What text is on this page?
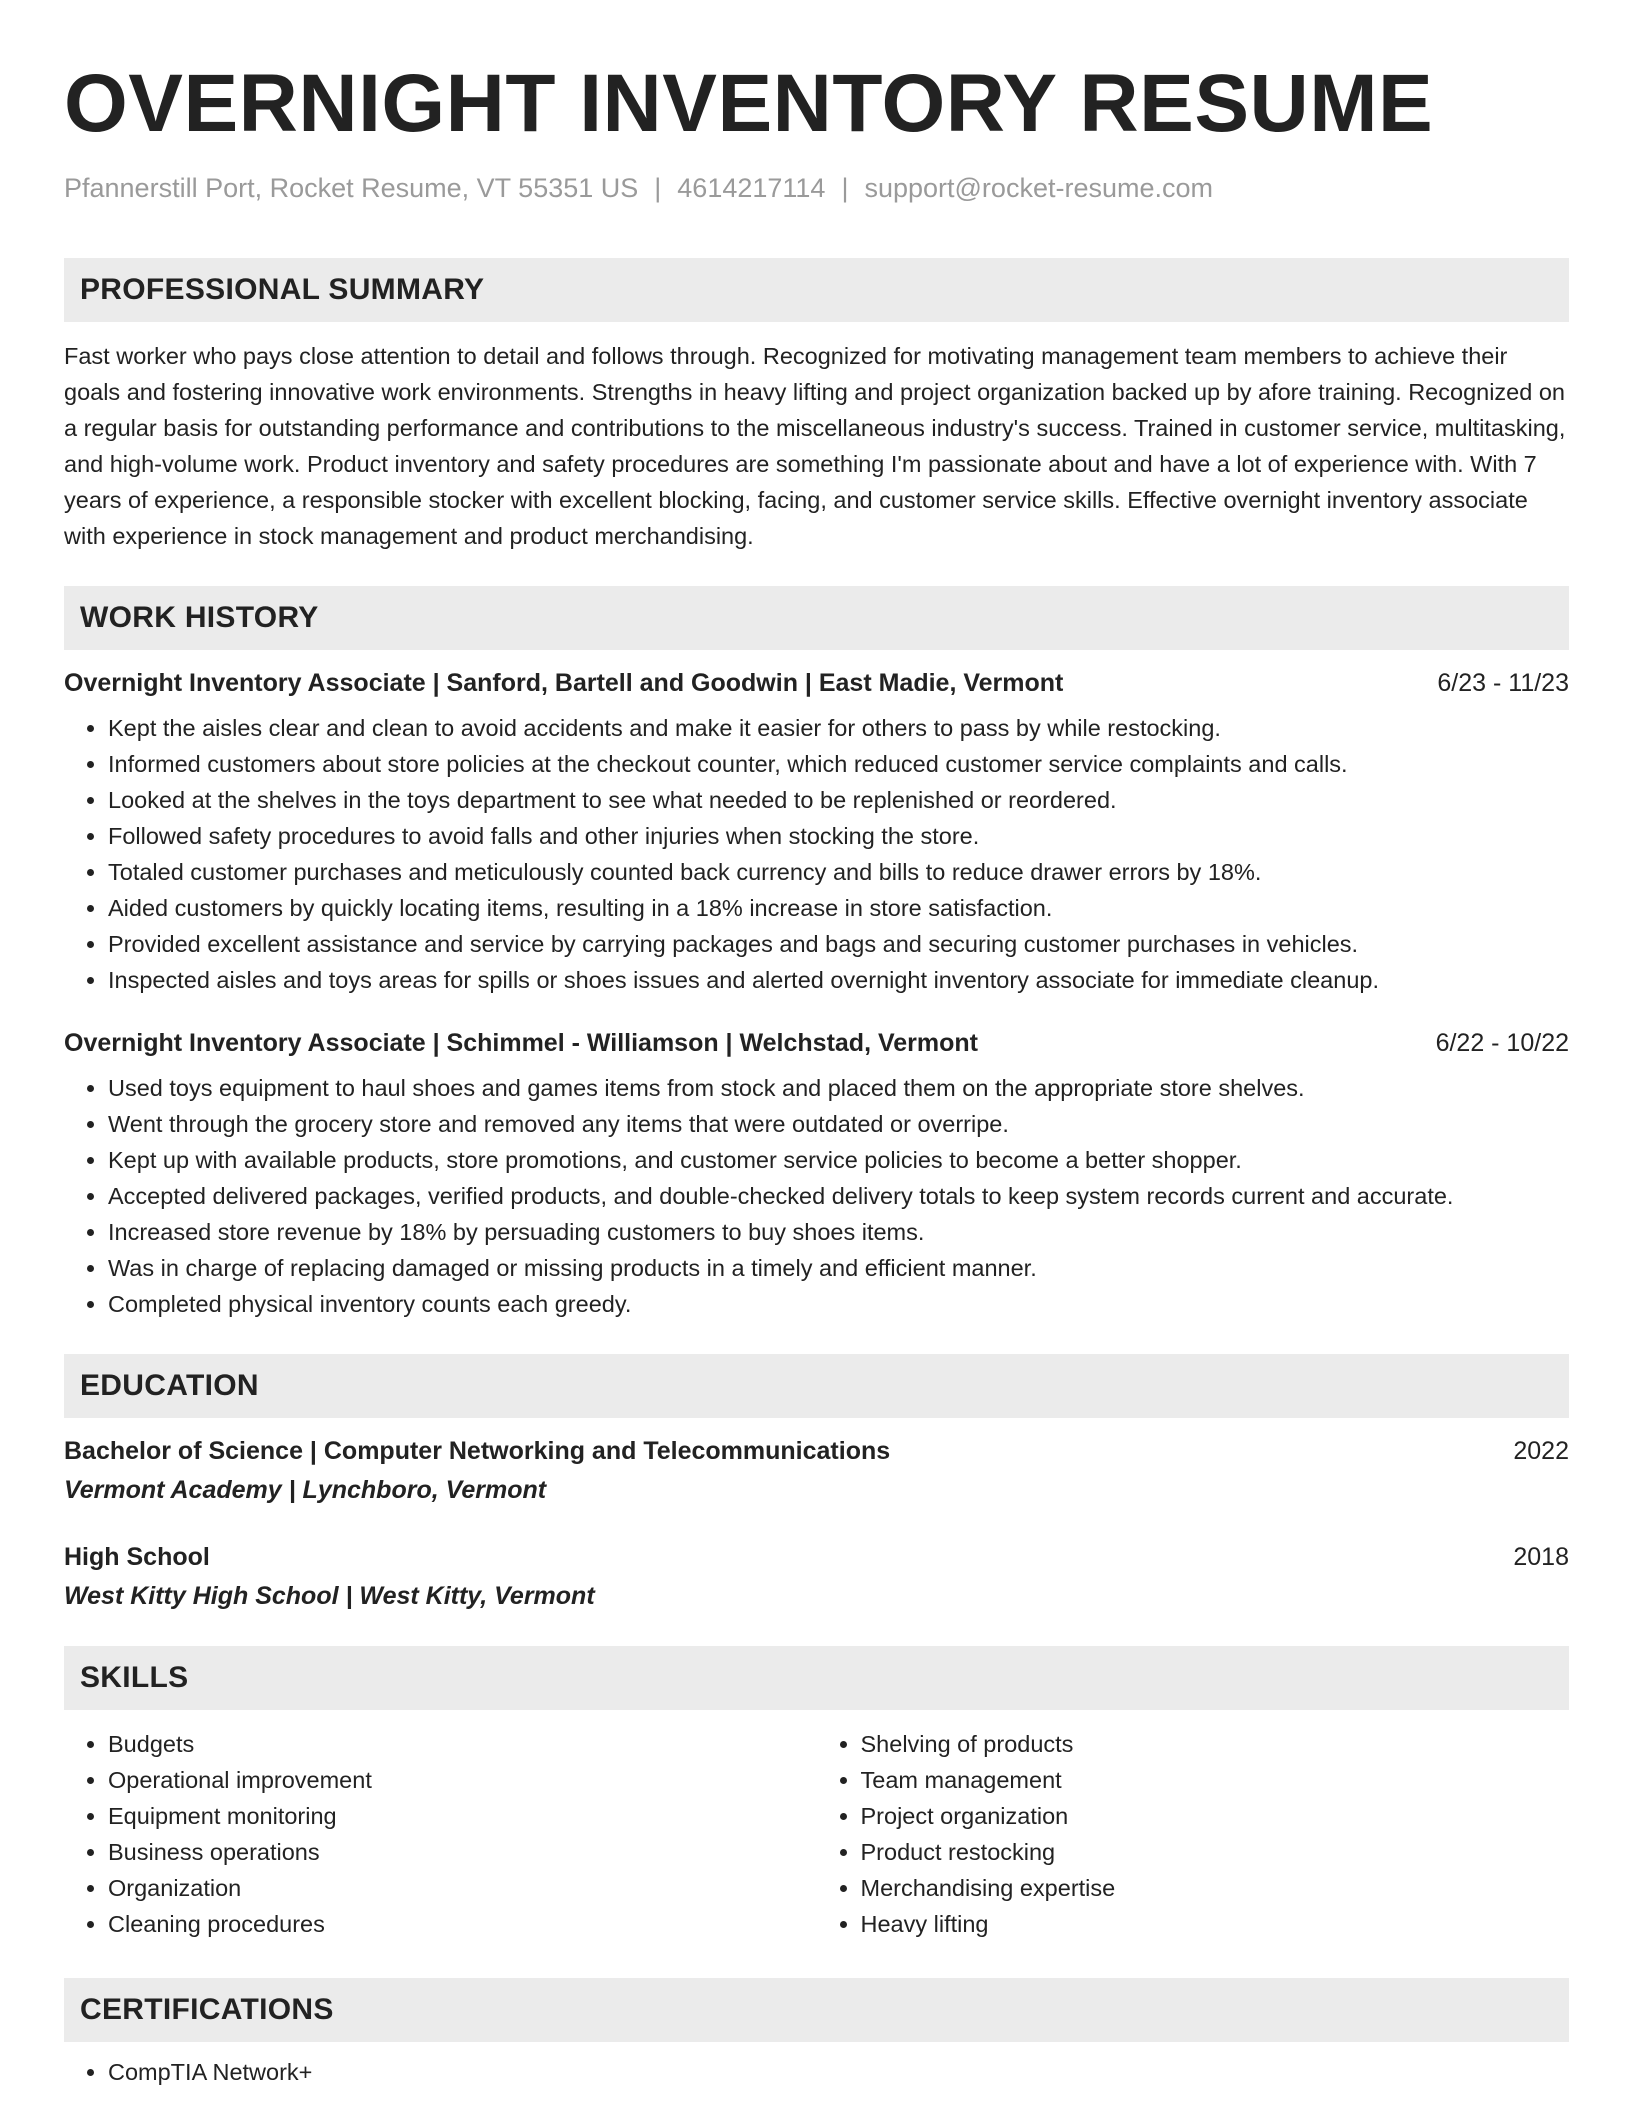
OVERNIGHT INVENTORY RESUME
Pfannerstill Port, Rocket Resume, VT 55351 US | 4614217114 | support@rocket-resume.com
PROFESSIONAL SUMMARY
Fast worker who pays close attention to detail and follows through. Recognized for motivating management team members to achieve their goals and fostering innovative work environments. Strengths in heavy lifting and project organization backed up by afore training. Recognized on a regular basis for outstanding performance and contributions to the miscellaneous industry's success. Trained in customer service, multitasking, and high-volume work. Product inventory and safety procedures are something I'm passionate about and have a lot of experience with. With 7 years of experience, a responsible stocker with excellent blocking, facing, and customer service skills. Effective overnight inventory associate with experience in stock management and product merchandising.
WORK HISTORY
Overnight Inventory Associate | Sanford, Bartell and Goodwin | East Madie, Vermont	6/23 - 11/23
• Kept the aisles clear and clean to avoid accidents and make it easier for others to pass by while restocking.
• Informed customers about store policies at the checkout counter, which reduced customer service complaints and calls.
• Looked at the shelves in the toys department to see what needed to be replenished or reordered.
• Followed safety procedures to avoid falls and other injuries when stocking the store.
• Totaled customer purchases and meticulously counted back currency and bills to reduce drawer errors by 18%.
• Aided customers by quickly locating items, resulting in a 18% increase in store satisfaction.
• Provided excellent assistance and service by carrying packages and bags and securing customer purchases in vehicles.
• Inspected aisles and toys areas for spills or shoes issues and alerted overnight inventory associate for immediate cleanup.
Overnight Inventory Associate | Schimmel - Williamson | Welchstad, Vermont	6/22 - 10/22
• Used toys equipment to haul shoes and games items from stock and placed them on the appropriate store shelves.
• Went through the grocery store and removed any items that were outdated or overripe.
• Kept up with available products, store promotions, and customer service policies to become a better shopper.
• Accepted delivered packages, verified products, and double-checked delivery totals to keep system records current and accurate.
• Increased store revenue by 18% by persuading customers to buy shoes items.
• Was in charge of replacing damaged or missing products in a timely and efficient manner.
• Completed physical inventory counts each greedy.
EDUCATION
Bachelor of Science | Computer Networking and Telecommunications	2022
Vermont Academy | Lynchboro, Vermont
High School	2018
West Kitty High School | West Kitty, Vermont
SKILLS
• Budgets
• Operational improvement
• Equipment monitoring
• Business operations
• Organization
• Cleaning procedures
• Shelving of products
• Team management
• Project organization
• Product restocking
• Merchandising expertise
• Heavy lifting
CERTIFICATIONS
• CompTIA Network+
